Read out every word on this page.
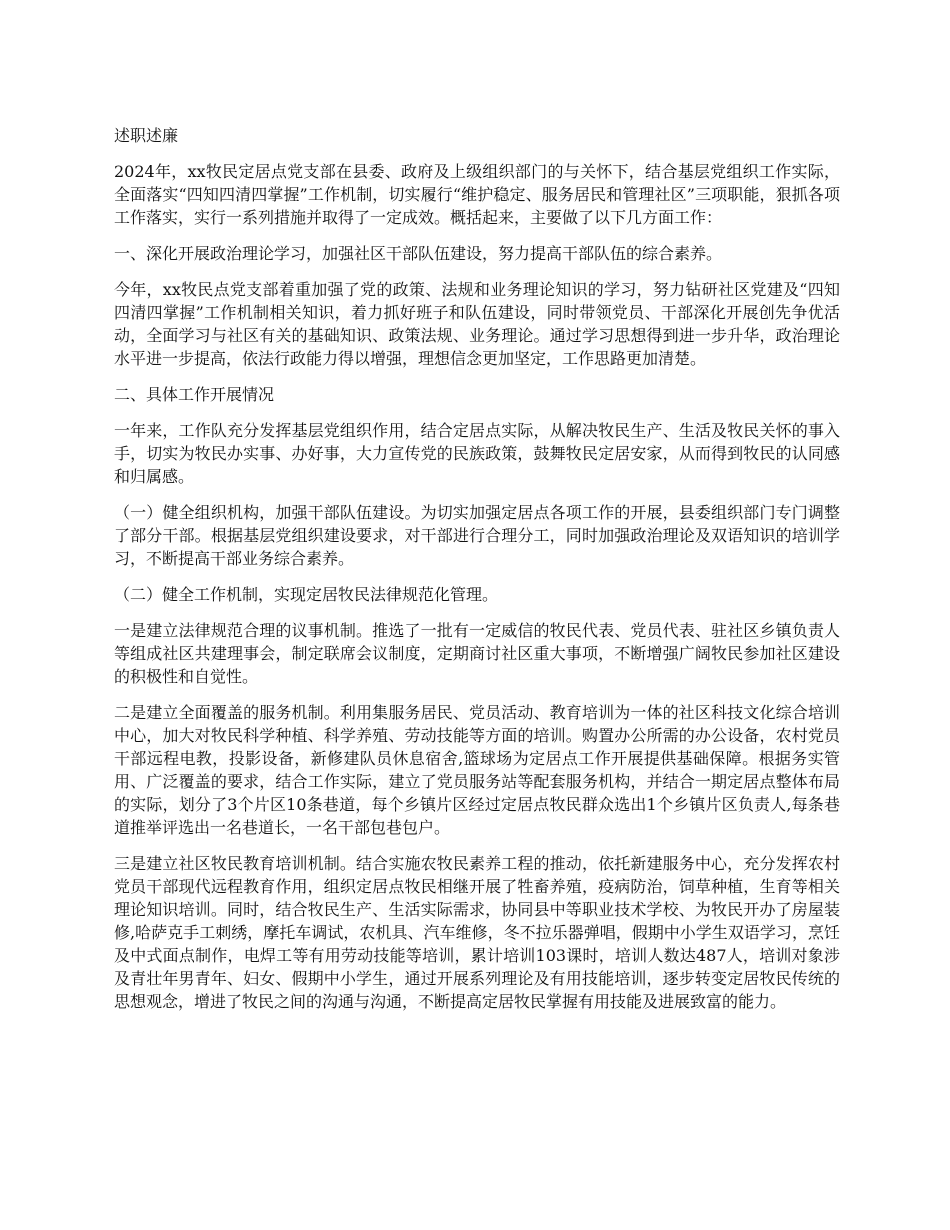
述职述廉

2024年，xx牧民定居点党支部在县委、政府及上级组织部门的与关怀下，结合基层党组织工作实际，全面落实“四知四清四掌握”工作机制，切实履行“维护稳定、服务居民和管理社区”三项职能，狠抓各项工作落实，实行一系列措施并取得了一定成效。概括起来，主要做了以下几方面工作：

一、深化开展政治理论学习，加强社区干部队伍建设，努力提高干部队伍的综合素养。

今年，xx牧民点党支部着重加强了党的政策、法规和业务理论知识的学习，努力钻研社区党建及“四知四清四掌握”工作机制相关知识，着力抓好班子和队伍建设，同时带领党员、干部深化开展创先争优活动，全面学习与社区有关的基础知识、政策法规、业务理论。通过学习思想得到进一步升华，政治理论水平进一步提高，依法行政能力得以增强，理想信念更加坚定，工作思路更加清楚。

二、具体工作开展情况

一年来，工作队充分发挥基层党组织作用，结合定居点实际，从解决牧民生产、生活及牧民关怀的事入手，切实为牧民办实事、办好事，大力宣传党的民族政策，鼓舞牧民定居安家，从而得到牧民的认同感和归属感。

（一）健全组织机构，加强干部队伍建设。为切实加强定居点各项工作的开展，县委组织部门专门调整了部分干部。根据基层党组织建设要求，对干部进行合理分工，同时加强政治理论及双语知识的培训学习，不断提高干部业务综合素养。

（二）健全工作机制，实现定居牧民法律规范化管理。

一是建立法律规范合理的议事机制。推选了一批有一定威信的牧民代表、党员代表、驻社区乡镇负责人等组成社区共建理事会，制定联席会议制度，定期商讨社区重大事项，不断增强广阔牧民参加社区建设的积极性和自觉性。

二是建立全面覆盖的服务机制。利用集服务居民、党员活动、教育培训为一体的社区科技文化综合培训中心，加大对牧民科学种植、科学养殖、劳动技能等方面的培训。购置办公所需的办公设备，农村党员干部远程电教，投影设备，新修建队员休息宿舍,篮球场为定居点工作开展提供基础保障。根据务实管用、广泛覆盖的要求，结合工作实际，建立了党员服务站等配套服务机构，并结合一期定居点整体布局的实际，划分了3个片区10条巷道，每个乡镇片区经过定居点牧民群众选出1个乡镇片区负责人,每条巷道推举评选出一名巷道长，一名干部包巷包户。

三是建立社区牧民教育培训机制。结合实施农牧民素养工程的推动，依托新建服务中心，充分发挥农村党员干部现代远程教育作用，组织定居点牧民相继开展了牲畜养殖，疫病防治，饲草种植，生育等相关理论知识培训。同时，结合牧民生产、生活实际需求，协同县中等职业技术学校、为牧民开办了房屋装修,哈萨克手工刺绣，摩托车调试，农机具、汽车维修，冬不拉乐器弹唱，假期中小学生双语学习，烹饪及中式面点制作，电焊工等有用劳动技能等培训，累计培训103课时，培训人数达487人，培训对象涉及青壮年男青年、妇女、假期中小学生，通过开展系列理论及有用技能培训，逐步转变定居牧民传统的思想观念，增进了牧民之间的沟通与沟通，不断提高定居牧民掌握有用技能及进展致富的能力。
